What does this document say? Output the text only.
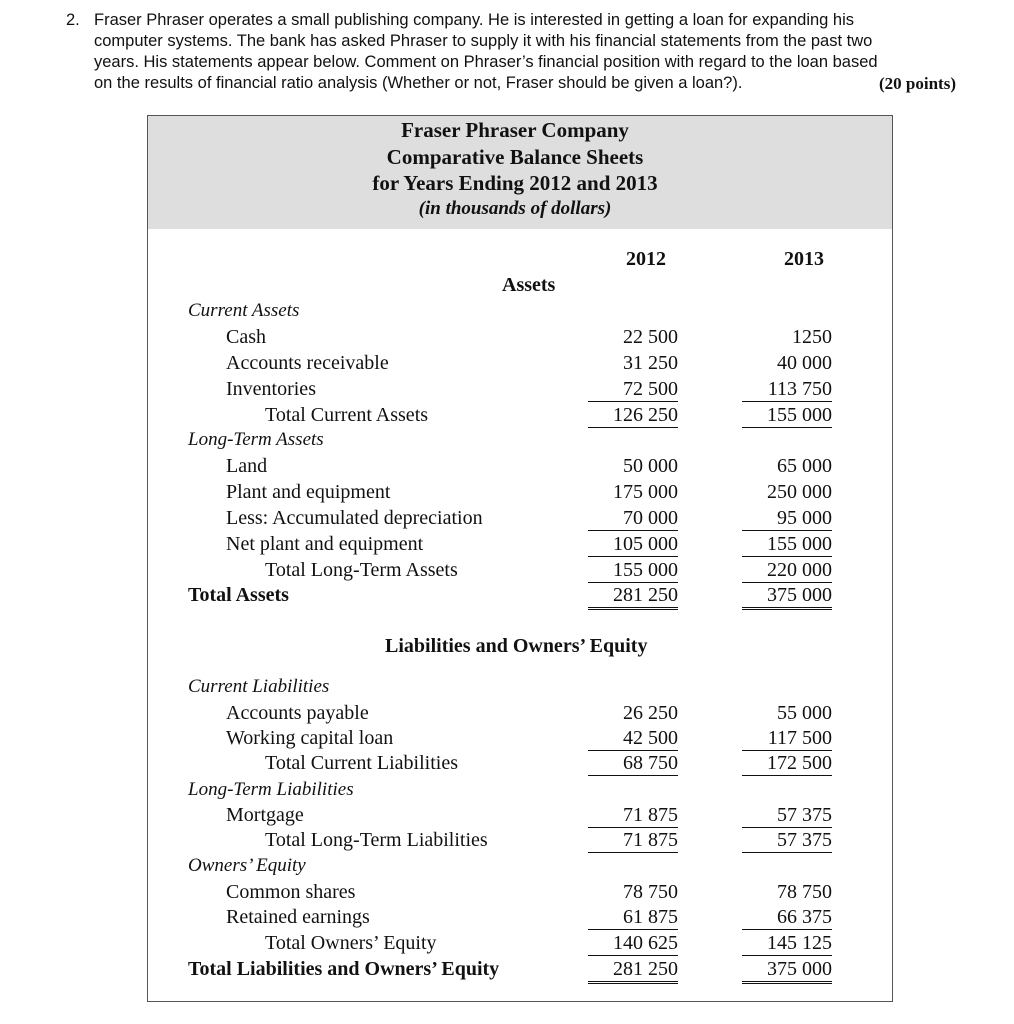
2. Fraser Phraser operates a small publishing company. He is interested in getting a loan for expanding his
computer systems. The bank has asked Phraser to supply it with his financial statements from the past two
years. His statements appear below. Comment on Phraser’s financial position with regard to the loan based
on the results of financial ratio analysis (Whether or not, Fraser should be given a loan?).	(20 points)
Fraser Phraser Company
Comparative Balance Sheets
for Years Ending 2012 and 2013
(in thousands of dollars)
2012	2013
Assets
Current Assets
Cash	22 500	1250
Accounts receivable	31 250	40 000
Inventories	72 500	113 750
Total Current Assets	126 250	155 000
Long-Term Assets
Land	50 000	65 000
Plant and equipment	175 000	250 000
Less: Accumulated depreciation	70 000	95 000
Net plant and equipment	105 000	155 000
Total Long-Term Assets	155 000	220 000
Total Assets	281 250	375 000
Liabilities and Owners’ Equity
Current Liabilities
Accounts payable	26 250	55 000
Working capital loan	42 500	117 500
Total Current Liabilities	68 750	172 500
Long-Term Liabilities
Mortgage	71 875	57 375
Total Long-Term Liabilities	71 875	57 375
Owners’ Equity
Common shares	78 750	78 750
Retained earnings	61 875	66 375
Total Owners’ Equity	140 625	145 125
Total Liabilities and Owners’ Equity	281 250	375 000
